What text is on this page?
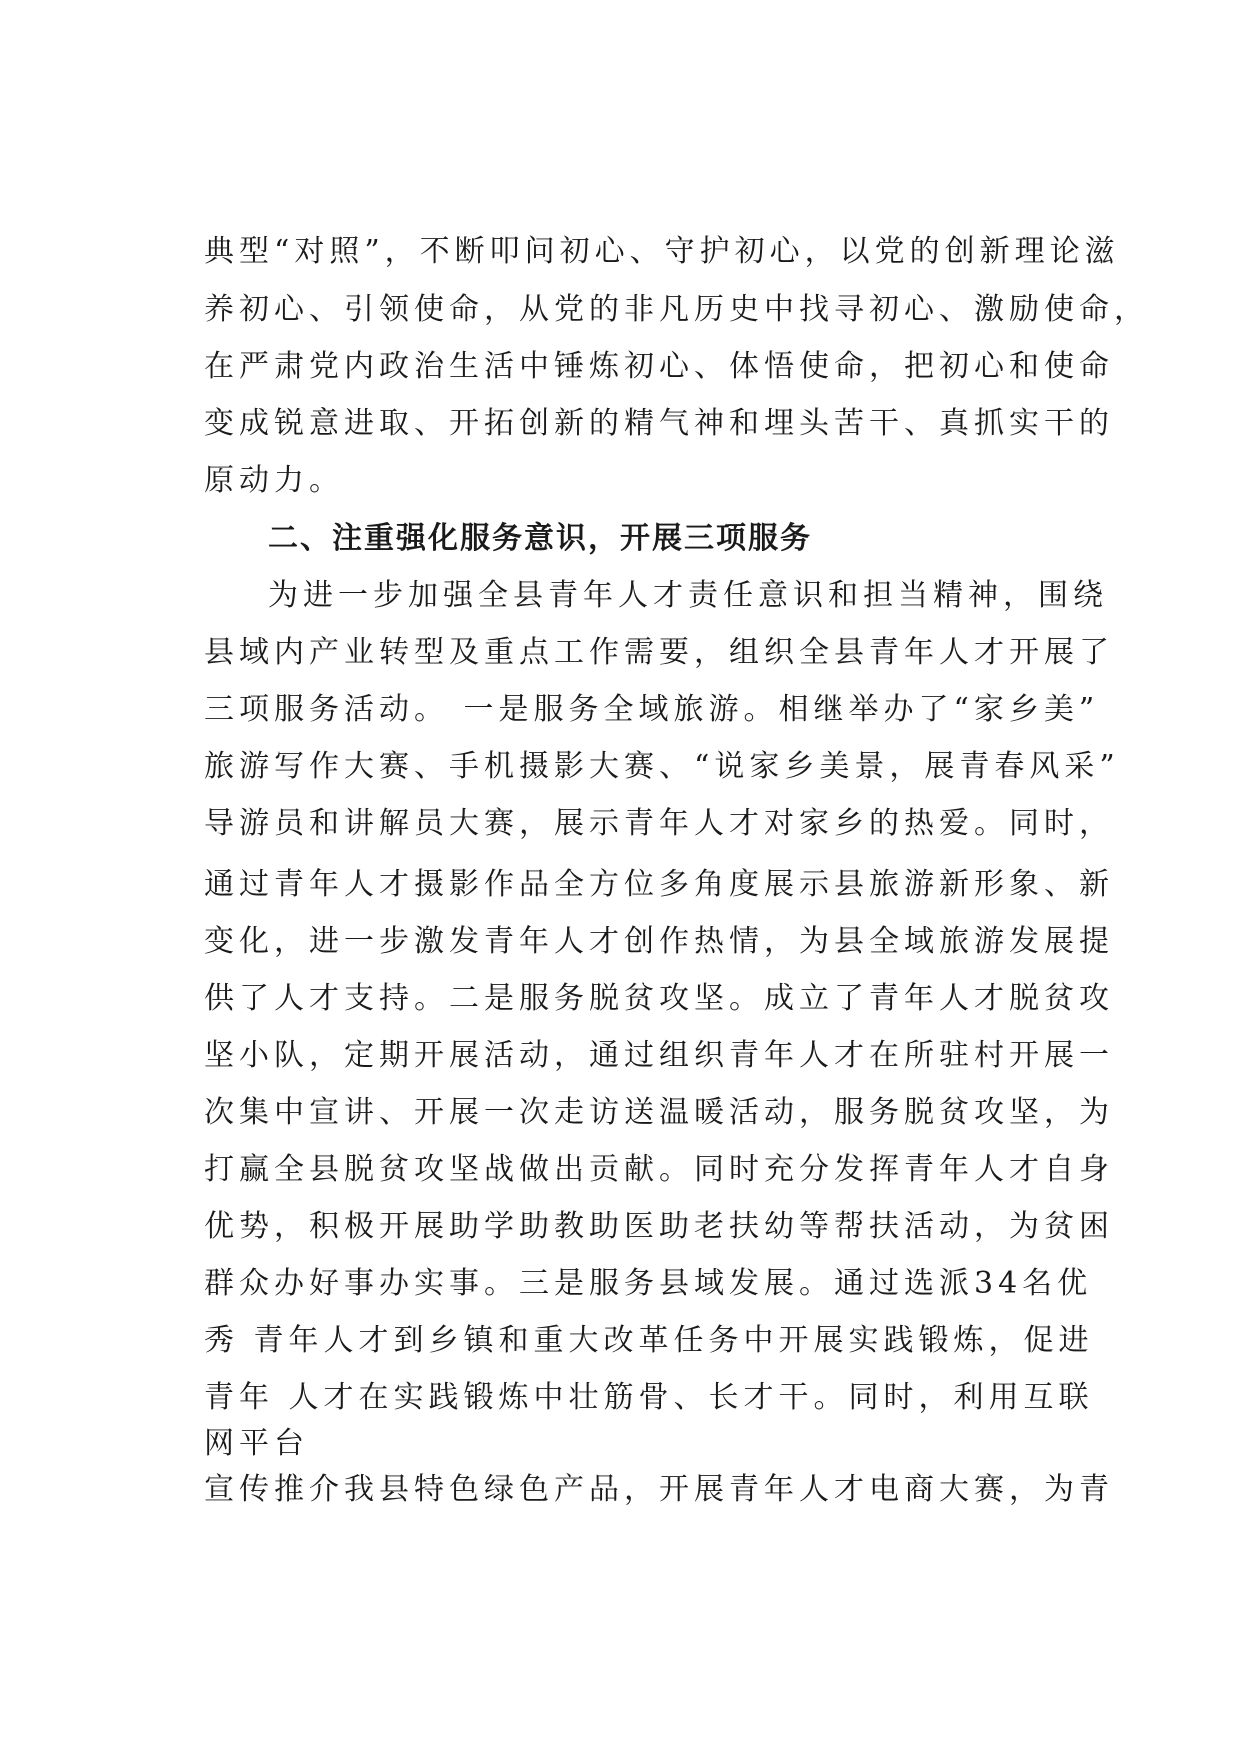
典型“对照”，不断叩问初心、守护初心，以党的创新理论滋
养初心、引领使命，从党的非凡历史中找寻初心、激励使命，
在严肃党内政治生活中锤炼初心、体悟使命，把初心和使命
变成锐意进取、开拓创新的精气神和埋头苦干、真抓实干的
原动力。
二、注重强化服务意识，开展三项服务
为进一步加强全县青年人才责任意识和担当精神，围绕
县域内产业转型及重点工作需要，组织全县青年人才开展了
三项服务活动。 一是服务全域旅游。相继举办了“家乡美”
旅游写作大赛、手机摄影大赛、“说家乡美景，展青春风采”
导游员和讲解员大赛，展示青年人才对家乡的热爱。同时，
通过青年人才摄影作品全方位多角度展示县旅游新形象、新
变化，进一步激发青年人才创作热情，为县全域旅游发展提
供了人才支持。二是服务脱贫攻坚。成立了青年人才脱贫攻
坚小队，定期开展活动，通过组织青年人才在所驻村开展一
次集中宣讲、开展一次走访送温暖活动，服务脱贫攻坚，为
打赢全县脱贫攻坚战做出贡献。同时充分发挥青年人才自身
优势，积极开展助学助教助医助老扶幼等帮扶活动，为贫困
群众办好事办实事。三是服务县域发展。通过选派34名优
秀 青年人才到乡镇和重大改革任务中开展实践锻炼，促进
青年 人才在实践锻炼中壮筋骨、长才干。同时，利用互联
网平台
宣传推介我县特色绿色产品，开展青年人才电商大赛，为青
